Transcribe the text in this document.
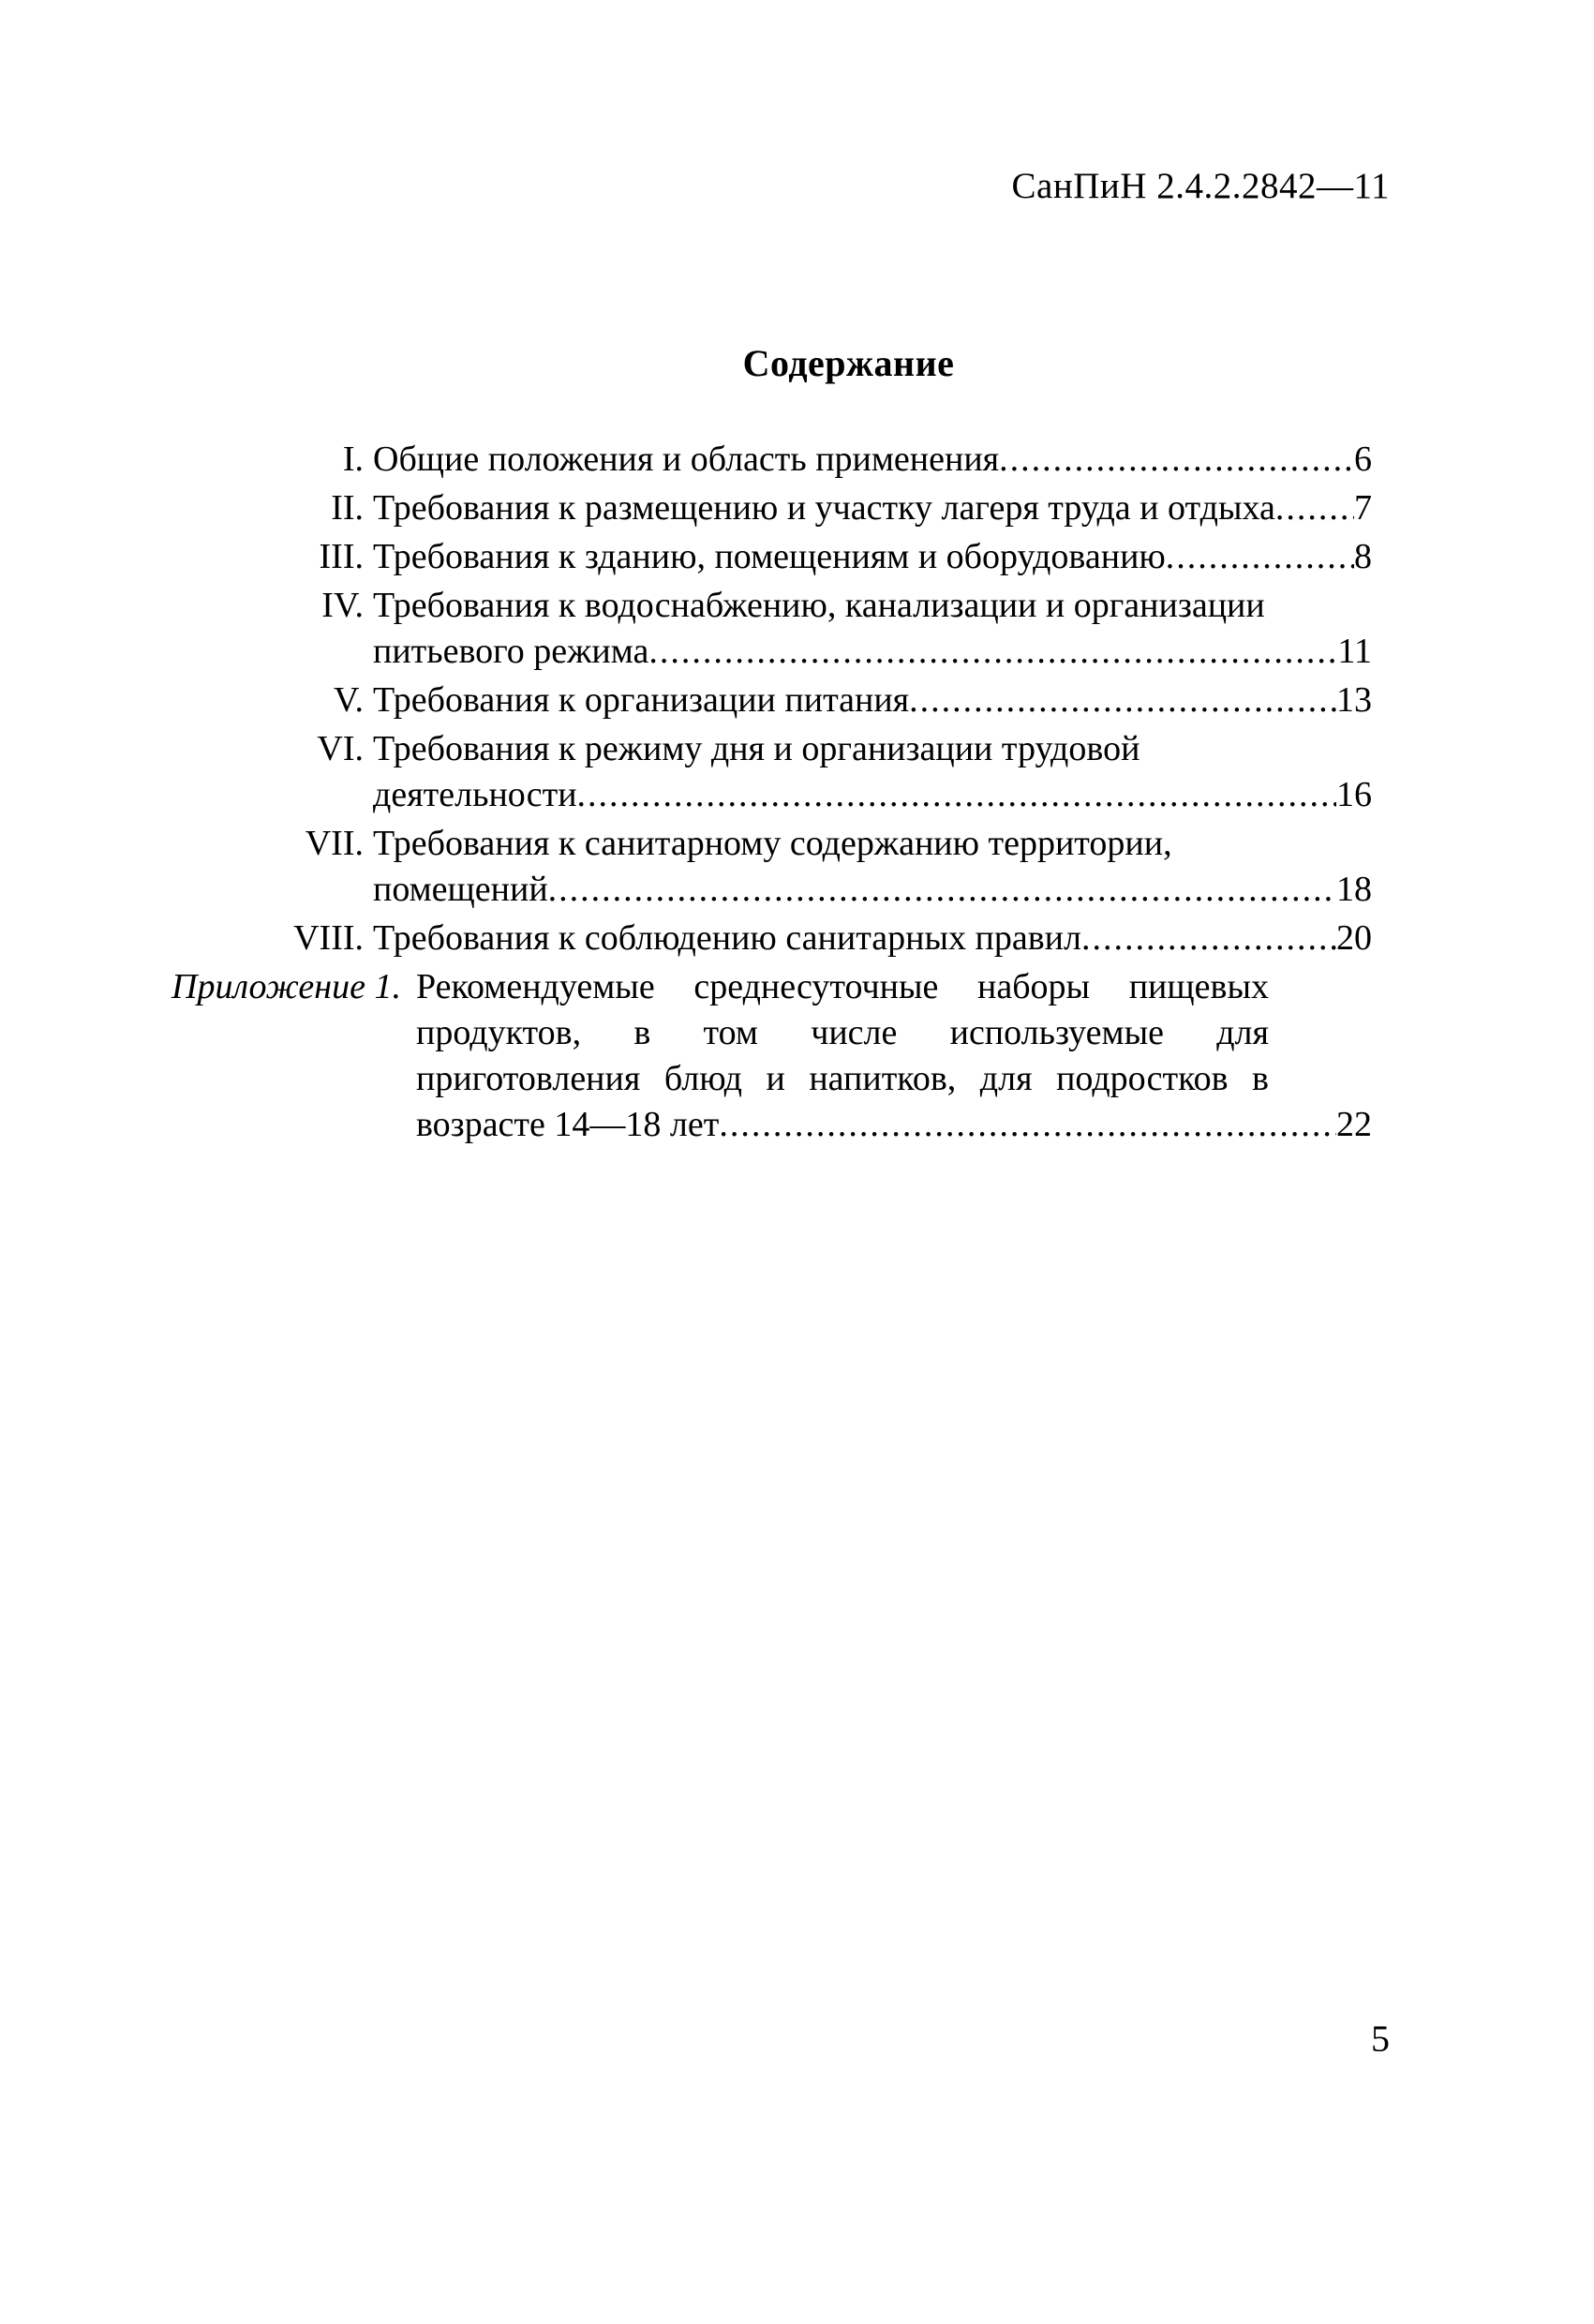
СанПиН 2.4.2.2842—11
Содержание
I. Общие положения и область применения .....	6
II. Требования к размещению и участку лагеря труда и отдыха ..... 7
III. Требования к зданию, помещениям и оборудованию .....	8
IV. Требования к водоснабжению, канализации и организации
питьевого режима .....	11
V. Требования к организации питания .....	13
VI. Требования к режиму дня и организации трудовой
деятельности .....	16
VII. Требования к санитарному содержанию территории,
помещений .....	18
VIII. Требования к соблюдению санитарных правил .....	20
Приложение 1. Рекомендуемые среднесуточные наборы пищевых
продуктов, в том числе используемые для
приготовления блюд и напитков, для подростков в
возрасте 14—18 лет .....	22
5
